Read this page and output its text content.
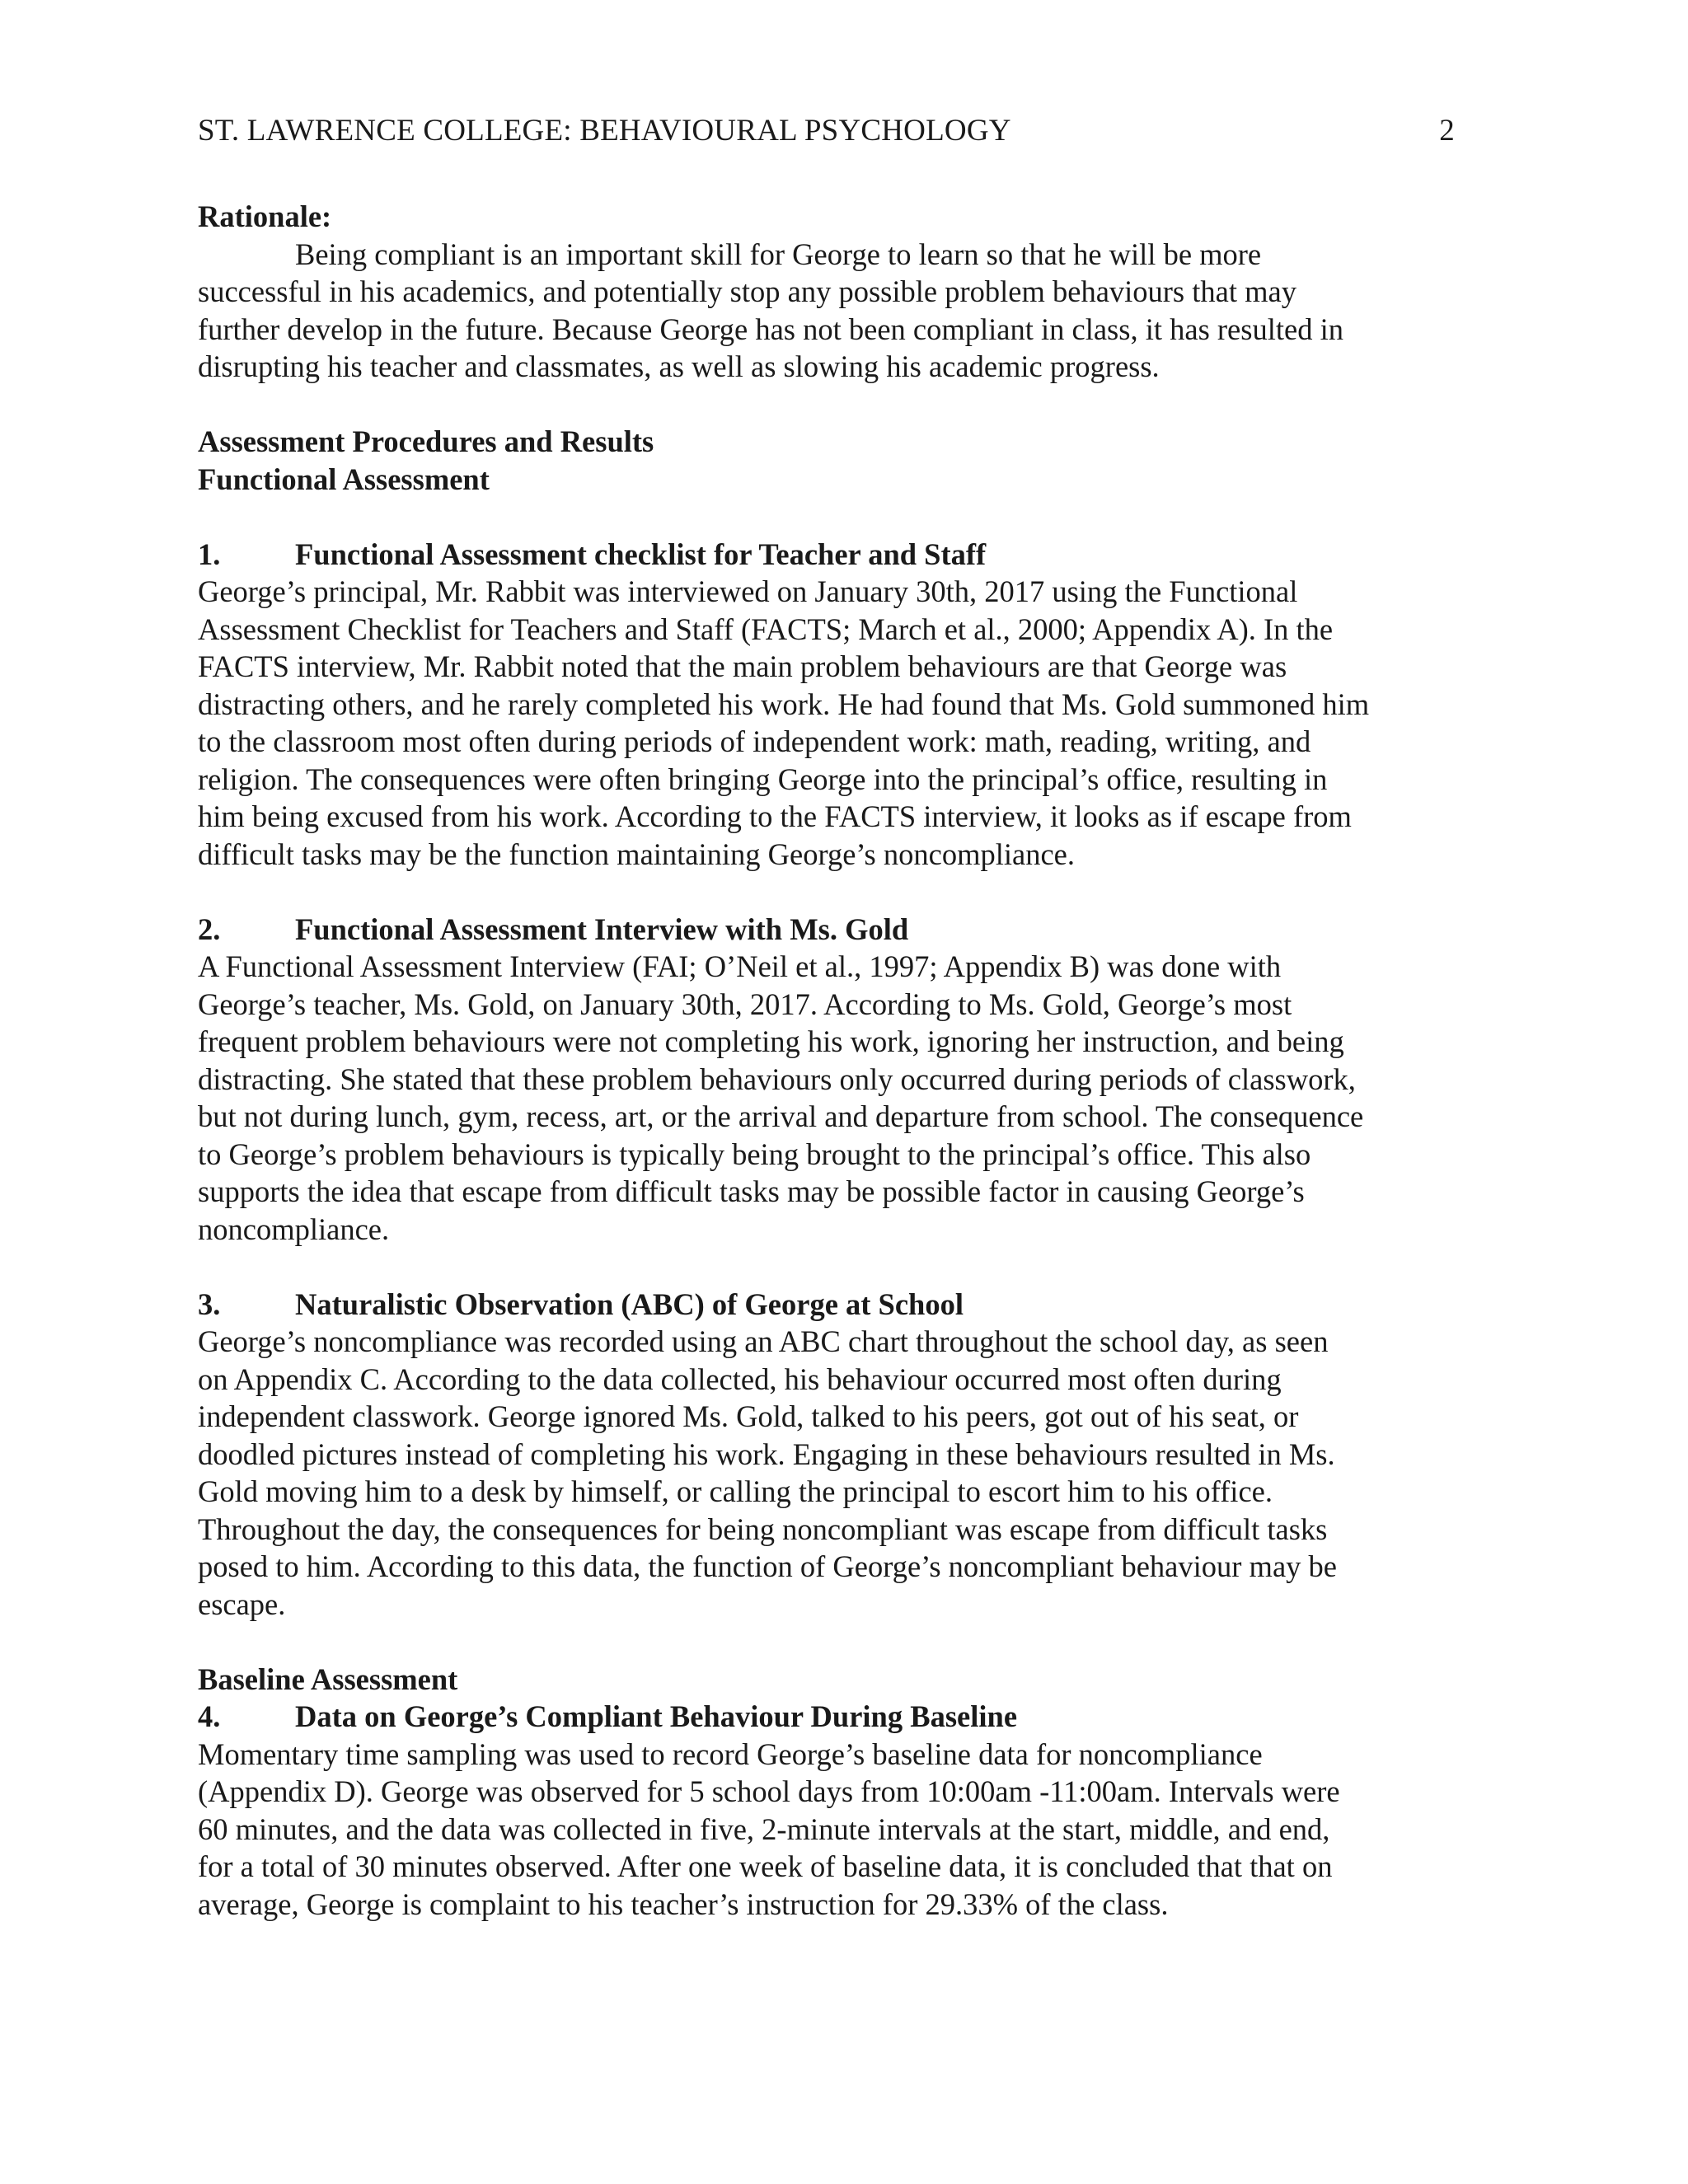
ST. LAWRENCE COLLEGE: BEHAVIOURAL PSYCHOLOGY	2

Rationale:

Being compliant is an important skill for George to learn so that he will be more
successful in his academics, and potentially stop any possible problem behaviours that may
further develop in the future. Because George has not been compliant in class, it has resulted in
disrupting his teacher and classmates, as well as slowing his academic progress.

Assessment Procedures and Results

Functional Assessment

1.	Functional Assessment checklist for Teacher and Staff

George’s principal, Mr. Rabbit was interviewed on January 30th, 2017 using the Functional
Assessment Checklist for Teachers and Staff (FACTS; March et al., 2000; Appendix A). In the
FACTS interview, Mr. Rabbit noted that the main problem behaviours are that George was
distracting others, and he rarely completed his work. He had found that Ms. Gold summoned him
to the classroom most often during periods of independent work: math, reading, writing, and
religion. The consequences were often bringing George into the principal’s office, resulting in
him being excused from his work. According to the FACTS interview, it looks as if escape from
difficult tasks may be the function maintaining George’s noncompliance.

2.	Functional Assessment Interview with Ms. Gold

A Functional Assessment Interview (FAI; O’Neil et al., 1997; Appendix B) was done with
George’s teacher, Ms. Gold, on January 30th, 2017. According to Ms. Gold, George’s most
frequent problem behaviours were not completing his work, ignoring her instruction, and being
distracting. She stated that these problem behaviours only occurred during periods of classwork,
but not during lunch, gym, recess, art, or the arrival and departure from school. The consequence
to George’s problem behaviours is typically being brought to the principal’s office. This also
supports the idea that escape from difficult tasks may be possible factor in causing George’s
noncompliance.

3.	Naturalistic Observation (ABC) of George at School

George’s noncompliance was recorded using an ABC chart throughout the school day, as seen
on Appendix C. According to the data collected, his behaviour occurred most often during
independent classwork. George ignored Ms. Gold, talked to his peers, got out of his seat, or
doodled pictures instead of completing his work. Engaging in these behaviours resulted in Ms.
Gold moving him to a desk by himself, or calling the principal to escort him to his office.
Throughout the day, the consequences for being noncompliant was escape from difficult tasks
posed to him. According to this data, the function of George’s noncompliant behaviour may be
escape.

Baseline Assessment

4.	Data on George’s Compliant Behaviour During Baseline

Momentary time sampling was used to record George’s baseline data for noncompliance
(Appendix D). George was observed for 5 school days from 10:00am -11:00am. Intervals were
60 minutes, and the data was collected in five, 2-minute intervals at the start, middle, and end,
for a total of 30 minutes observed. After one week of baseline data, it is concluded that that on
average, George is complaint to his teacher’s instruction for 29.33% of the class.
